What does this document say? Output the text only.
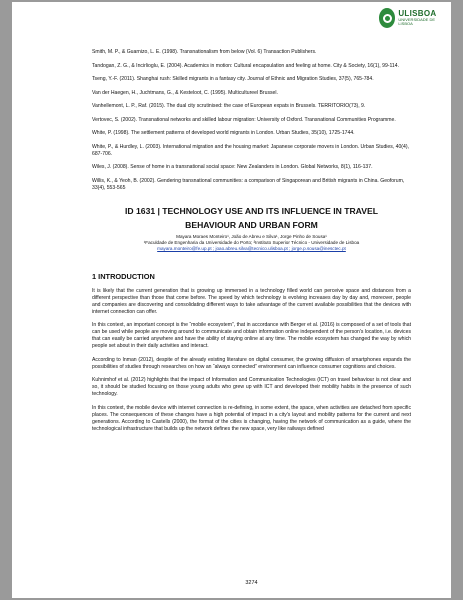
ULISBOA
UNIVERSIDADE DE LISBOA

Smith, M. P., & Guarnizo, L. E. (1998). Transnationalism from below (Vol. 6) Transaction Publishers.

Tandogan, Z. G., & Incirlioglu, E. (2004). Academics in motion: Cultural encapsulation and feeling at home. City & Society, 16(1), 99-114.

Tseng, Y.-F. (2011). Shanghai rush: Skilled migrants in a fantasy city. Journal of Ethnic and Migration Studies, 37(5), 765-784.

Van der Haegen, H., Juchtmans, G., & Kesteloot, C. (1995). Multicultureel Brussel.

Vanhellemont, L. P., Raf. (2015). The dual city scrutinised: the case of European expats in Brussels. TERRITORIO(73), 9.

Vertovec, S. (2002). Transnational networks and skilled labour migration: University of Oxford. Transnational Communities Programme.

White, P. (1998). The settlement patterns of developed world migrants in London. Urban Studies, 35(10), 1725-1744.

White, P., & Hurdley, L. (2003). International migration and the housing market: Japanese corporate movers in London. Urban Studies, 40(4), 687-706.

Wiles, J. (2008). Sense of home in a transnational social space: New Zealanders in London. Global Networks, 8(1), 116-137.

Willis, K., & Yeoh, B. (2002). Gendering transnational communities: a comparison of Singaporean and British migrants in China. Geoforum, 33(4), 553-565

ID 1631 | TECHNOLOGY USE AND ITS INFLUENCE IN TRAVEL
BEHAVIOUR AND URBAN FORM

Mayara Moraes Monteiro¹, João de Abreu e Silva¹, Jorge Pinho de Sousa¹

¹Faculdade de Engenharia da Universidade do Porto; ²Instituto Superior Técnico - Universidade de Lisboa

mayara.monteiro@fe.up.pt ; joao.abreu.silva@tecnico.ulisboa.pt ; jorge.p.sousa@inesctec.pt

1 INTRODUCTION

It is likely that the current generation that is growing up immersed in a technology filled world can perceive space and distances from a different perspective than those that come before. The speed by which technology is evolving increases day by day and, moreover, people and companies are discovering and consolidating different ways to take advantage of the current available possibilities that the devices with internet connection can offer.

In this context, an important concept is the “mobile ecosystem”, that in accordance with Berger et al. (2016) is composed of a set of tools that can be used while people are moving around to communicate and obtain information online independent of the person's location, i.e. devices that can easily be carried anywhere and have the ability of staying online at any time. The mobile ecosystem has changed the way by which people set about in their daily activities and interact.

According to Inman (2012), despite of the already existing literature on digital consumer, the growing diffusion of smartphones expands the possibilities of studies through researches on how an “always connected” environment can influence consumer cognitions and choices.

Kuhnimhof et al. (2012) highlights that the impact of Information and Communication Technologies (ICT) on travel behaviour is not clear and so, it should be studied focusing on those young adults who grew up with ICT and developed their mobility habits in the presence of such technology.

In this context, the mobile device with internet connection is re-defining, in some extent, the space, when activities are detached from specific places. The consequences of these changes have a high potential of impact in a city's layout and mobility patterns for the current and next generations. According to Castells (2000), the format of the cities is changing, having the network of communication as a guide, where the technological infrastructure that builds up the network defines the new space, very like railways defined

3274
